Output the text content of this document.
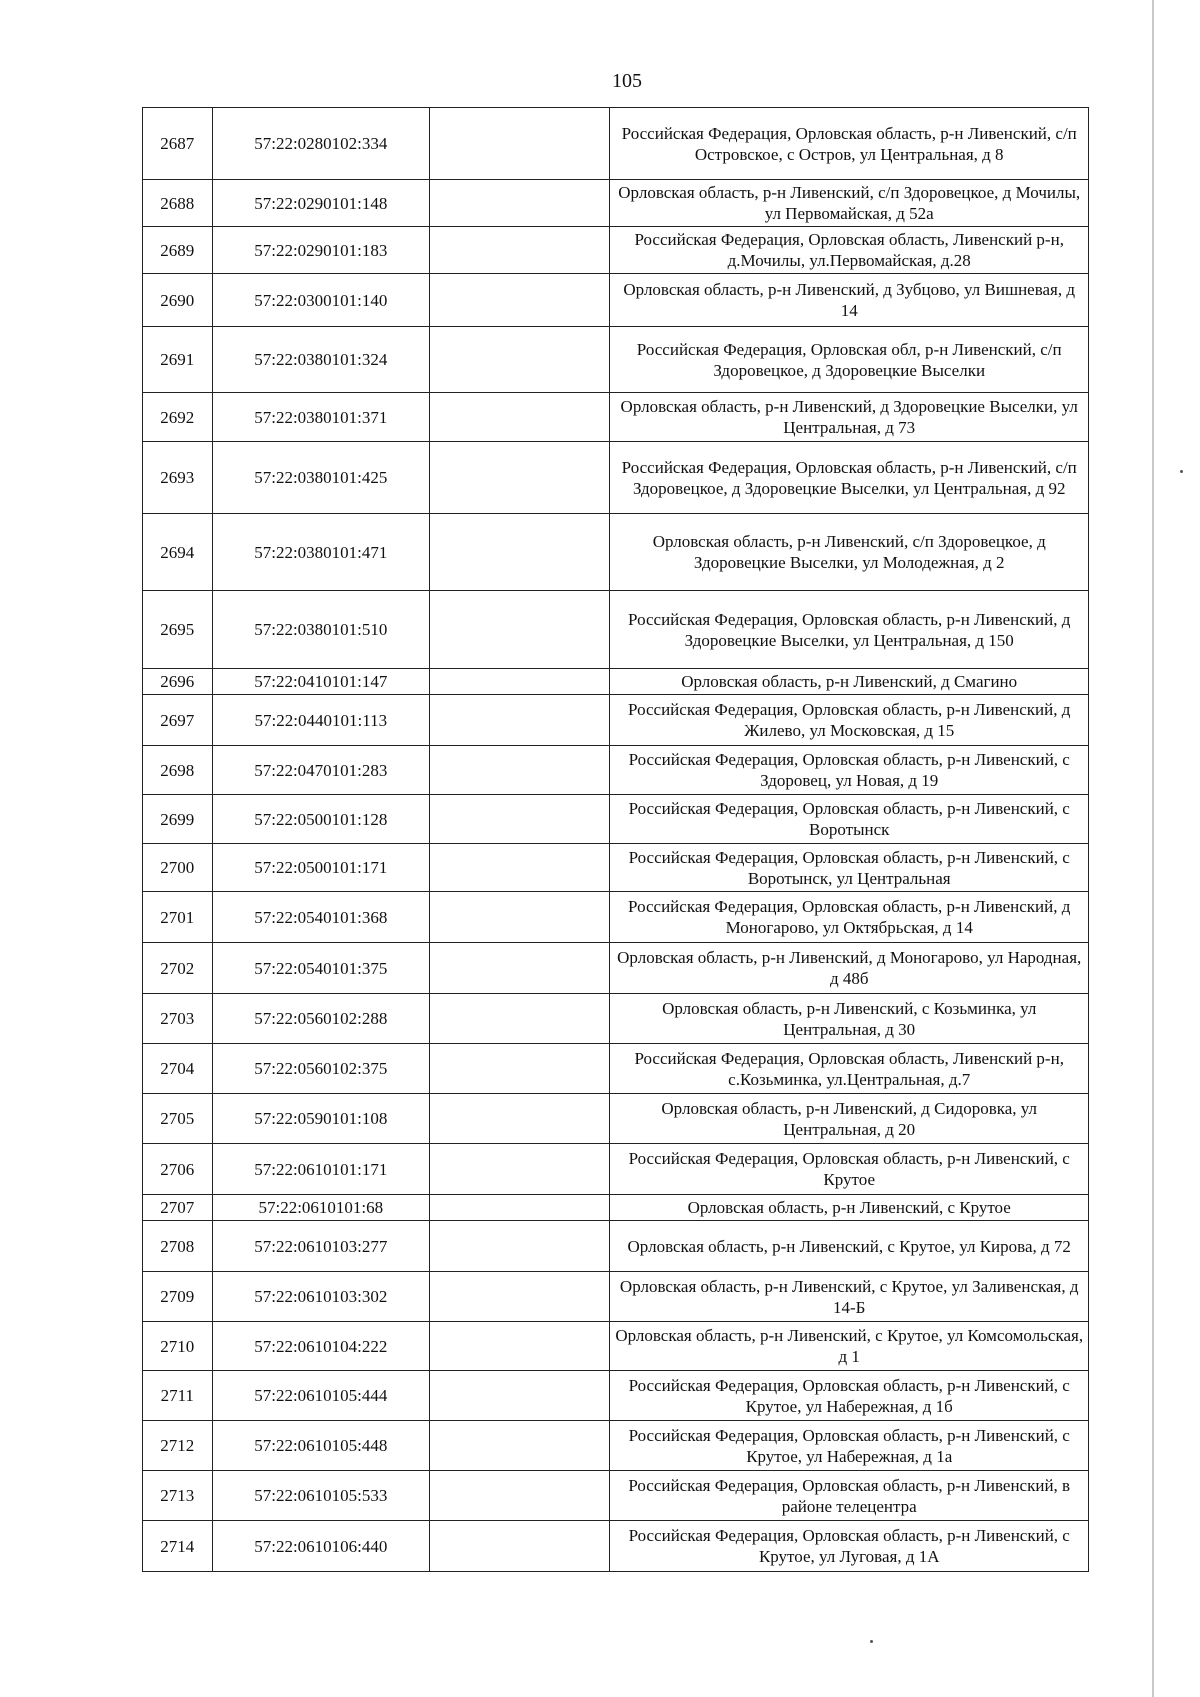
105
2687	57:22:0280102:334		Российская Федерация, Орловская область, р-н Ливенский, с/п Островское, с Остров, ул Центральная, д 8
2688	57:22:0290101:148		Орловская область, р-н Ливенский, с/п Здоровецкое, д Мочилы, ул Первомайская, д 52а
2689	57:22:0290101:183		Российская Федерация, Орловская область, Ливенский р-н, д.Мочилы, ул.Первомайская, д.28
2690	57:22:0300101:140		Орловская область, р-н Ливенский, д Зубцово, ул Вишневая, д 14
2691	57:22:0380101:324		Российская Федерация, Орловская обл, р-н Ливенский, с/п Здоровецкое, д Здоровецкие Выселки
2692	57:22:0380101:371		Орловская область, р-н Ливенский, д Здоровецкие Выселки, ул Центральная, д 73
2693	57:22:0380101:425		Российская Федерация, Орловская область, р-н Ливенский, с/п Здоровецкое, д Здоровецкие Выселки, ул Центральная, д 92
2694	57:22:0380101:471		Орловская область, р-н Ливенский, с/п Здоровецкое, д Здоровецкие Выселки, ул Молодежная, д 2
2695	57:22:0380101:510		Российская Федерация, Орловская область, р-н Ливенский, д Здоровецкие Выселки, ул Центральная, д 150
2696	57:22:0410101:147		Орловская область, р-н Ливенский, д Смагино
2697	57:22:0440101:113		Российская Федерация, Орловская область, р-н Ливенский, д Жилево, ул Московская, д 15
2698	57:22:0470101:283		Российская Федерация, Орловская область, р-н Ливенский, с Здоровец, ул Новая, д 19
2699	57:22:0500101:128		Российская Федерация, Орловская область, р-н Ливенский, с Воротынск
2700	57:22:0500101:171		Российская Федерация, Орловская область, р-н Ливенский, с Воротынск, ул Центральная
2701	57:22:0540101:368		Российская Федерация, Орловская область, р-н Ливенский, д Моногарово, ул Октябрьская, д 14
2702	57:22:0540101:375		Орловская область, р-н Ливенский, д Моногарово, ул Народная, д 48б
2703	57:22:0560102:288		Орловская область, р-н Ливенский, с Козьминка, ул Центральная, д 30
2704	57:22:0560102:375		Российская Федерация, Орловская область, Ливенский р-н, с.Козьминка, ул.Центральная, д.7
2705	57:22:0590101:108		Орловская область, р-н Ливенский, д Сидоровка, ул Центральная, д 20
2706	57:22:0610101:171		Российская Федерация, Орловская область, р-н Ливенский, с Крутое
2707	57:22:0610101:68		Орловская область, р-н Ливенский, с Крутое
2708	57:22:0610103:277		Орловская область, р-н Ливенский, с Крутое, ул Кирова, д 72
2709	57:22:0610103:302		Орловская область, р-н Ливенский, с Крутое, ул Заливенская, д 14-Б
2710	57:22:0610104:222		Орловская область, р-н Ливенский, с Крутое, ул Комсомольская, д 1
2711	57:22:0610105:444		Российская Федерация, Орловская область, р-н Ливенский, с Крутое, ул Набережная, д 1б
2712	57:22:0610105:448		Российская Федерация, Орловская область, р-н Ливенский, с Крутое, ул Набережная, д 1а
2713	57:22:0610105:533		Российская Федерация, Орловская область, р-н Ливенский, в районе телецентра
2714	57:22:0610106:440		Российская Федерация, Орловская область, р-н Ливенский, с Крутое, ул Луговая, д 1А
